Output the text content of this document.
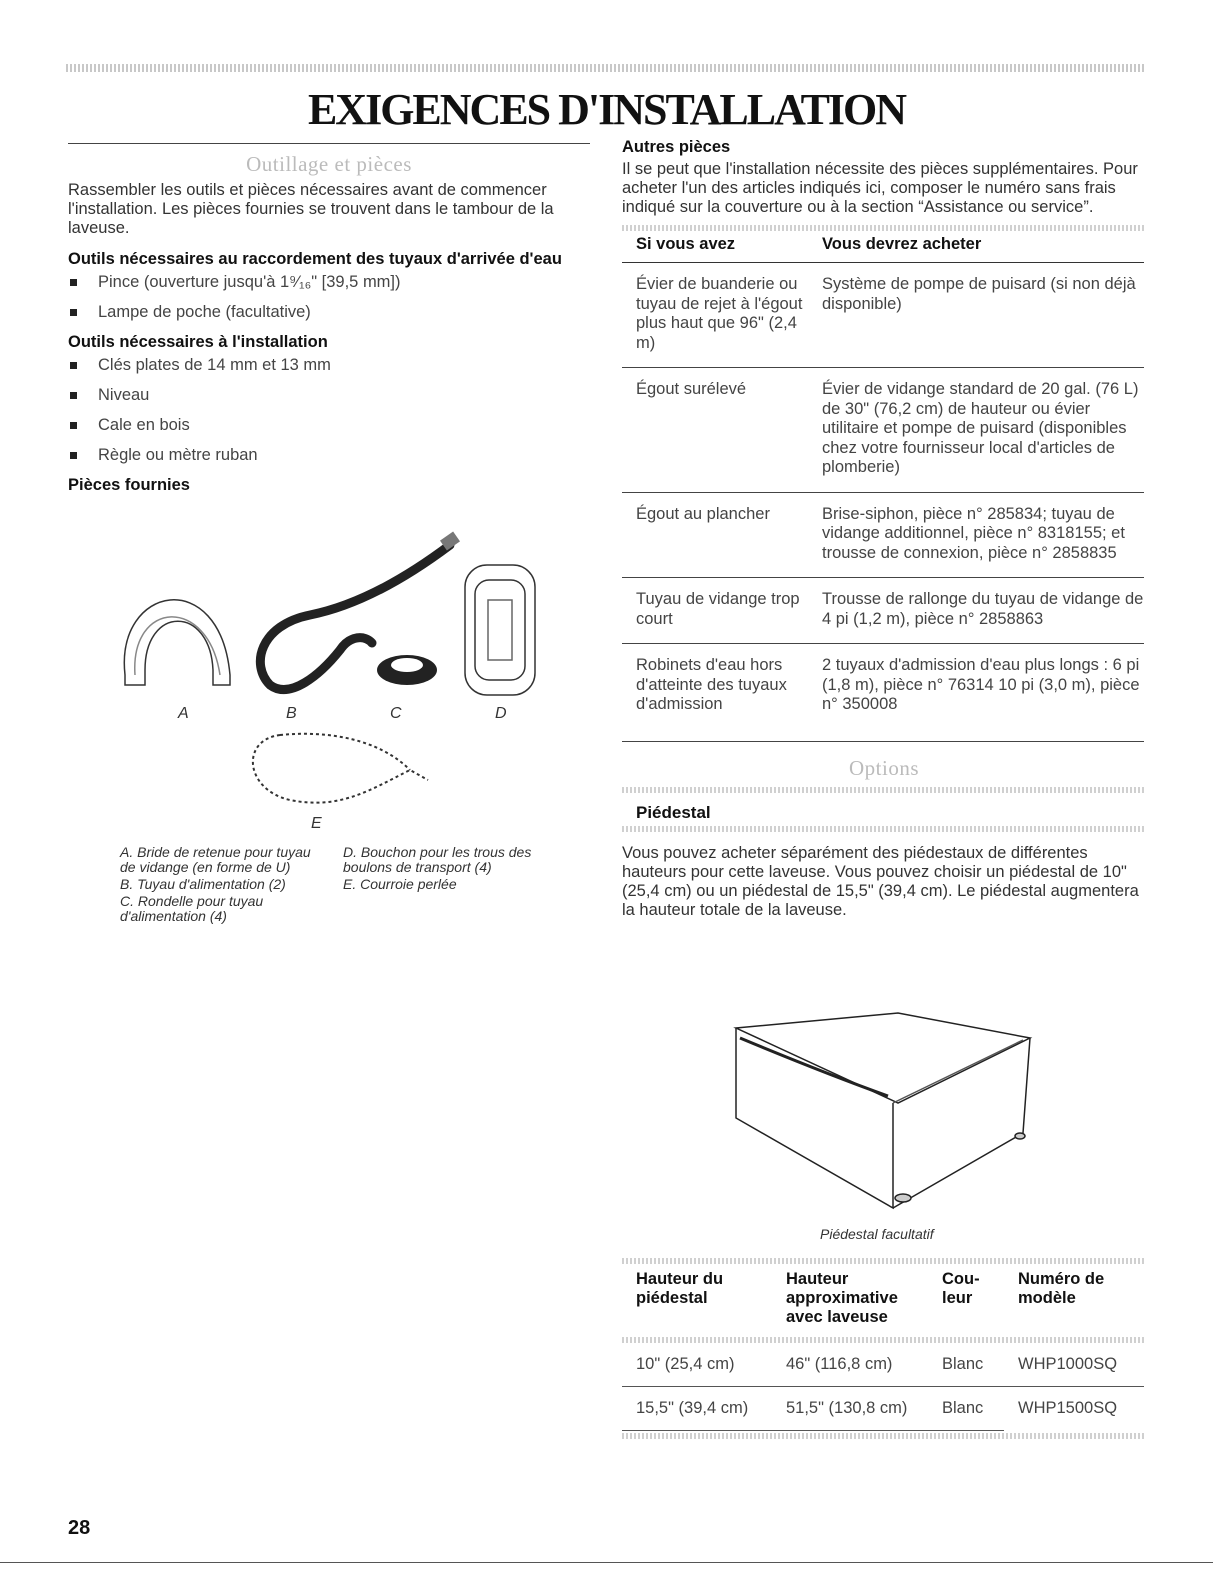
EXIGENCES D'INSTALLATION
Outillage et pièces

Rassembler les outils et pièces nécessaires avant de commencer l'installation. Les pièces fournies se trouvent dans le tambour de la laveuse.

Outils nécessaires au raccordement des tuyaux d'arrivée d'eau

Pince (ouverture jusqu'à 1⁹⁄₁₆" [39,5 mm])
Lampe de poche (facultative)

Outils nécessaires à l'installation

Clés plates de 14 mm et 13 mm
Niveau
Cale en bois
Règle ou mètre ruban

Pièces fournies

A	B	C	D
E
A. Bride de retenue pour tuyau de vidange (en forme de U)
B. Tuyau d'alimentation (2)
C. Rondelle pour tuyau d'alimentation (4)
D. Bouchon pour les trous des boulons de transport (4)
E. Courroie perlée

Autres pièces

Il se peut que l'installation nécessite des pièces supplémentaires. Pour acheter l'un des articles indiqués ici, composer le numéro sans frais indiqué sur la couverture ou à la section “Assistance ou service”.

Si vous avez	Vous devrez acheter
Évier de buanderie ou tuyau de rejet à l'égout plus haut que 96" (2,4 m)	Système de pompe de puisard (si non déjà disponible)
Égout surélevé	Évier de vidange standard de 20 gal. (76 L) de 30" (76,2 cm) de hauteur ou évier utilitaire et pompe de puisard (disponibles chez votre fournisseur local d'articles de plomberie)
Égout au plancher	Brise-siphon, pièce n° 285834; tuyau de vidange additionnel, pièce n° 8318155; et trousse de connexion, pièce n° 2858835
Tuyau de vidange trop court	Trousse de rallonge du tuyau de vidange de 4 pi (1,2 m), pièce n° 2858863
Robinets d'eau hors d'atteinte des tuyaux d'admission	2 tuyaux d'admission d'eau plus longs : 6 pi (1,8 m), pièce n° 76314 10 pi (3,0 m), pièce n° 350008
Options

Piédestal

Vous pouvez acheter séparément des piédestaux de différentes hauteurs pour cette laveuse. Vous pouvez choisir un piédestal de 10" (25,4 cm) ou un piédestal de 15,5" (39,4 cm). Le piédestal augmentera la hauteur totale de la laveuse.

Piédestal facultatif
Hauteur du piédestal	Hauteur approximative avec laveuse	Cou-leur	Numéro de modèle
10" (25,4 cm)	46" (116,8 cm)	Blanc	WHP1000SQ
15,5" (39,4 cm)	51,5" (130,8 cm)	Blanc	WHP1500SQ
28
